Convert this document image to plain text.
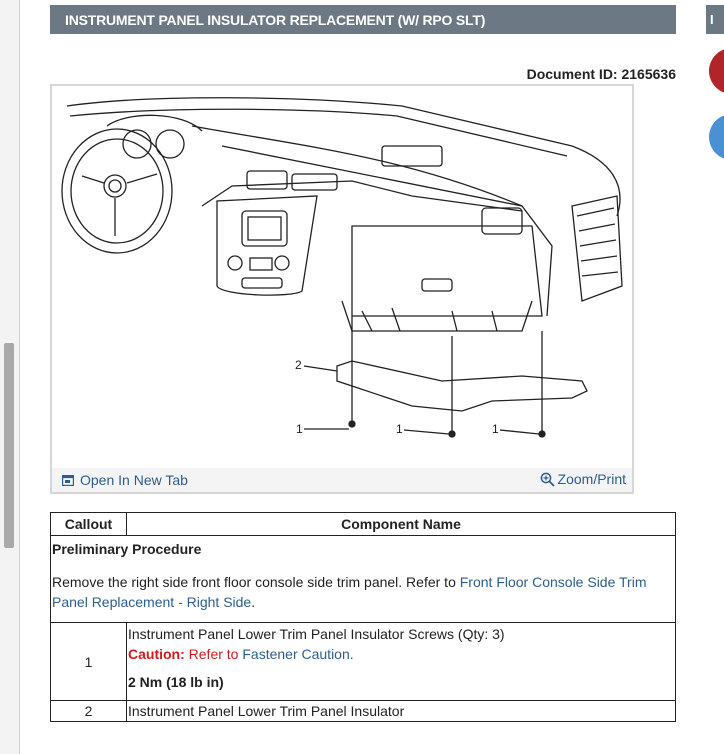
INSTRUMENT PANEL INSULATOR REPLACEMENT (W/ RPO SLT)	I
Document ID: 2165636
2
1	1	1
Open In New Tab	Zoom/Print
Callout	Component Name

Preliminary Procedure
Remove the right side front floor console side trim panel. Refer to Front Floor Console Side Trim Panel Replacement - Right Side.	

1	Instrument Panel Lower Trim Panel Insulator Screws (Qty: 3)
Caution: Refer to Fastener Caution.
2 Nm (18 lb in)

2	Instrument Panel Lower Trim Panel Insulator
